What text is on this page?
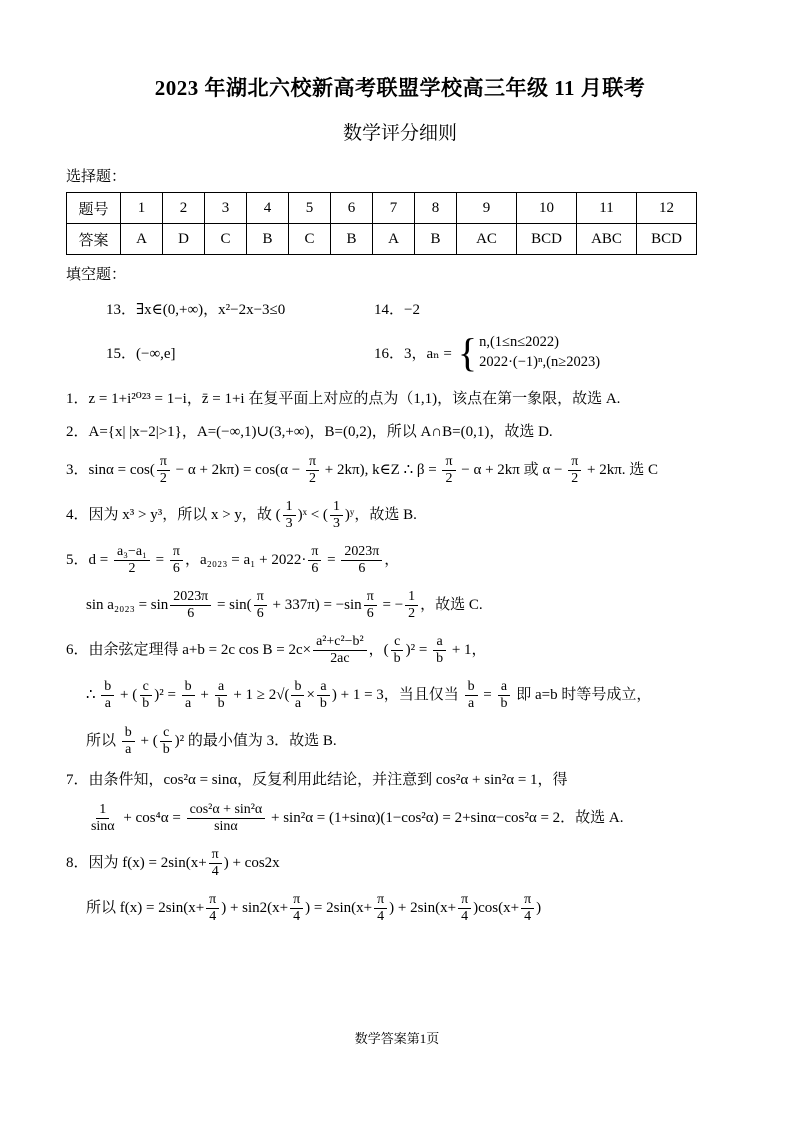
2023 年湖北六校新高考联盟学校高三年级 11 月联考
数学评分细则
选择题：
题号	1	2	3	4	5	6	7	8	9	10	11	12
答案	A	D	C	B	C	B	A	B	AC	BCD	ABC	BCD
填空题：
13．∃x∈(0,+∞)，x²−2x−3≤0	14．−2
15．(−∞,e]	16．3，aₙ = { n,(1≤n≤2022)
2022·(−1)ⁿ,(n≥2023)
1．z = 1+i²⁰²³ = 1−i，z̄ = 1+i 在复平面上对应的点为（1,1)，该点在第一象限，故选 A.
2．A={x| |x−2|>1}，A=(−∞,1)∪(3,+∞)，B=(0,2)，所以 A∩B=(0,1)，故选 D.
3．$\sin\alpha = \cos( \frac{\pi}{2} - \alpha + 2k\pi) = \cos(\alpha - \frac{\pi}{2} + 2k\pi)$, k∈Z ∴ $\beta = \frac{\pi}{2} - \alpha + 2k\pi$ 或 $\alpha - \frac{\pi}{2} + 2k\pi$. 选 C
4．因为 x³ > y³，所以 x > y，故 ( $\frac{1}{3}$ )ˣ < ( $\frac{1}{3}$ )ʸ，故选 B.
5．$d = \frac{\text{a₃−a₁}}{2} = \frac{\pi}{6}$ ，$a_{2023} = a_1 + 2022\cdot \frac{\pi}{6} = \frac{2023\pi}{6}$ ，
$\sin a_{2023} = \sin \frac{2023\pi}{6} = \sin( \frac{\pi}{6} + 337\pi) = -\sin \frac{\pi}{6}$ = − $\frac{1}{2}$ ，故选 C.
6．由余弦定理得 a+b = 2c $\cos B = 2c\times \frac{\text{a²+c²−b²}}{2ac}$ ，( $\frac{c}{b} )^2 = \frac{a}{b} + 1$，
∴ $\frac{b}{a}$ + ( $\frac{c}{b} )^2 = \frac{b}{a} + \frac{a}{b} + 1 \ge 2√( \frac{b}{a} \times \frac{a}{b}$ ) + 1 = 3，当且仅当 $\frac{b}{a} = \frac{a}{b}$ 即 a=b 时等号成立，
所以 $\frac{b}{a}$ + ( $\frac{c}{b} )^2$ 的最小值为 3．故选 B.
7．由条件知，cos²α = sinα，反复利用此结论，并注意到 cos²α + sin²α = 1，得
$\frac{1}{\sin\alpha} + \cos^4\alpha = \frac{\text{cos²α + sin²α}}{\sin\alpha} + \sin^2\alpha = (1+\sin\alpha)(1-\cos^2\alpha) = 2+\sin\alpha-\cos^2\alpha = 2$．故选 A.
8．因为 $f(x) = 2\sin(x+ \frac{\pi}{4}$ ) + cos2x
所以 $f(x) = 2\sin(x+ \frac{\pi}{4}$ ) + $\sin 2(x+ \frac{\pi}{4}$ ) = $2\sin(x+ \frac{\pi}{4}$ ) + $2\sin(x+ \frac{\pi}{4} )\cos(x+ \frac{\pi}{4}$ )
数学答案第1页
